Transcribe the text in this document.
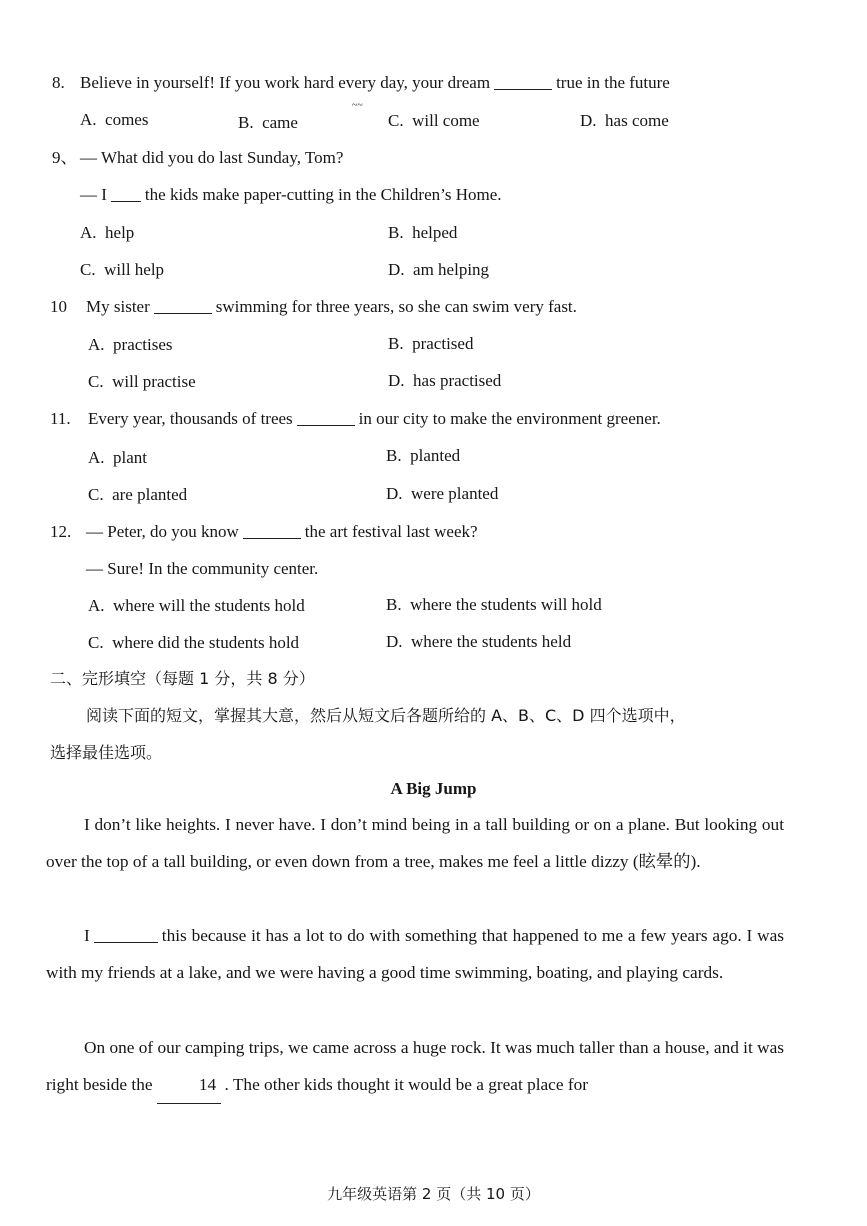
8. Believe in yourself! If you work hard every day, your dream	true in the future
~~
A.  comes	B.  came	C.  will come	D.  has come
9、 — What did you do last Sunday, Tom?
— I the kids make paper-cutting in the Children’s Home.
A.  help	B.  helped
C.  will help	D.  am helping
10 My sister	swimming for three years, so she can swim very fast.
A.  practises	B.  practised
C.  will practise	D.  has practised
11. Every year, thousands of trees	in our city to make the environment greener.
A.  plant	B.  planted
C.  are planted	D.  were planted
12. — Peter, do you know	the art festival last week?
— Sure! In the community center.
A.  where will the students hold	B.  where the students will hold
C.  where did the students hold	D.  where the students held
二、完形填空（每题 1 分，共 8 分）
阅读下面的短文，掌握其大意，然后从短文后各题所给的 A、B、C、D 四个选项中，
选择最佳选项。
A Big Jump
I don’t like heights. I never have. I don’t mind being in a tall building or on a plane. But looking out over the top of a tall building, or even down from a tree, makes me feel a little dizzy (眩晕的).
I	this because it has a lot to do with something that happened to me a few years ago. I was with my friends at a lake, and we were having a good time swimming, boating, and playing cards.
On one of our camping trips, we came across a huge rock. It was much taller than a house, and it was right beside the	14 . The other kids thought it would be a great place for
九年级英语第 2 页（共 10 页）
